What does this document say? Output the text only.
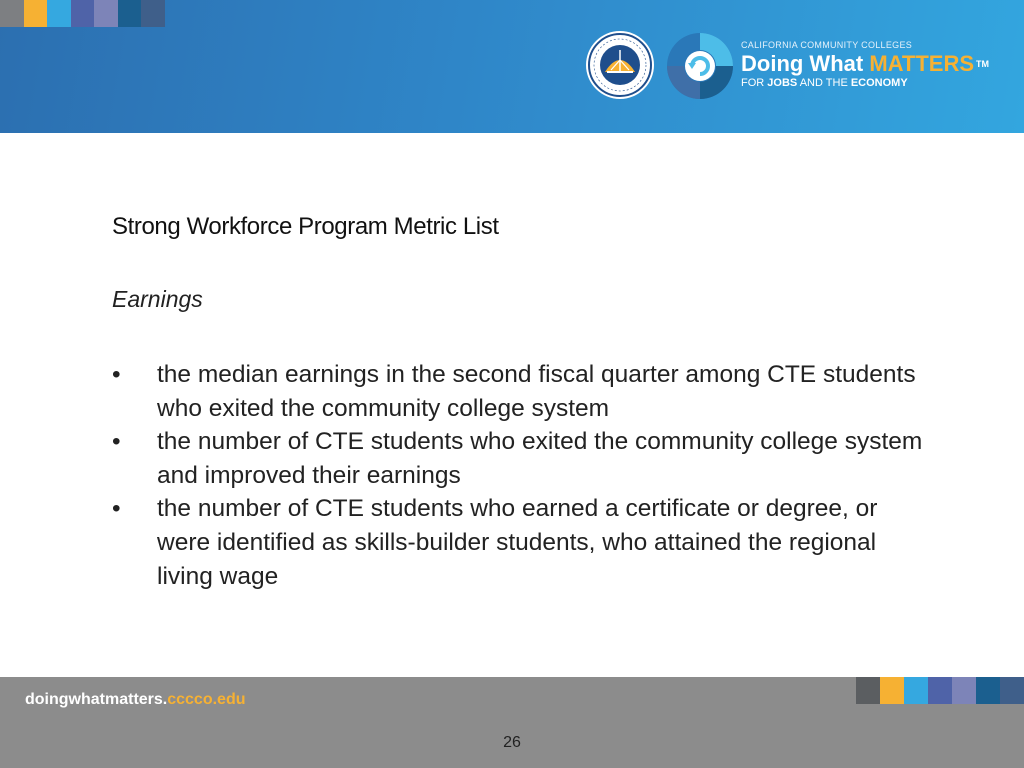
CALIFORNIA COMMUNITY COLLEGES
Doing What MATTERS ™
FOR JOBS AND THE ECONOMY
Strong Workforce Program Metric List
Earnings
• the median earnings in the second fiscal quarter among CTE students who exited the community college system
• the number of CTE students who exited the community college system and improved their earnings
• the number of CTE students who earned a certificate or degree, or were identified as skills-builder students, who attained the regional living wage
doingwhatmatters.cccco.edu
26
